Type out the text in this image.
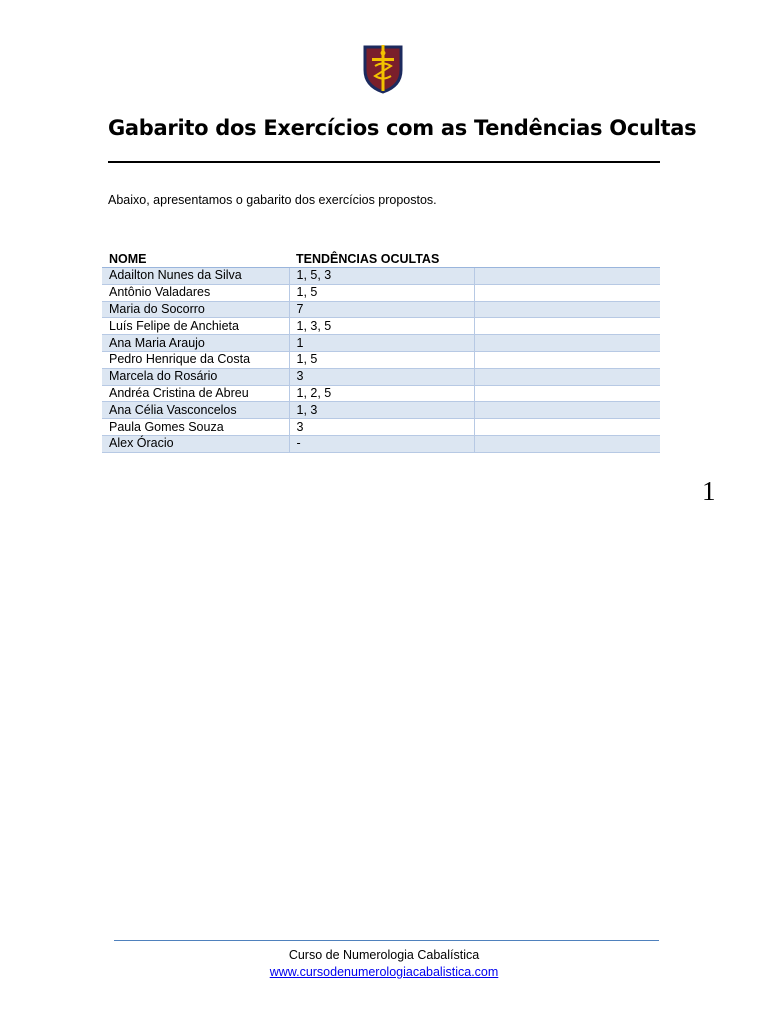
Gabarito dos Exercícios com as Tendências Ocultas
Abaixo, apresentamos o gabarito dos exercícios propostos.
NOME	TENDÊNCIAS OCULTAS	
Adailton Nunes da Silva	1, 5, 3	
Antônio Valadares	1, 5	
Maria do Socorro	7	
Luís Felipe de Anchieta	1, 3, 5	
Ana Maria Araujo	1	
Pedro Henrique da Costa	1, 5	
Marcela do Rosário	3	
Andréa Cristina de Abreu	1, 2, 5	
Ana Célia Vasconcelos	1, 3	
Paula Gomes Souza	3	
Alex Óracio	-	
1
Curso de Numerologia Cabalística
www.cursodenumerologiacabalistica.com
